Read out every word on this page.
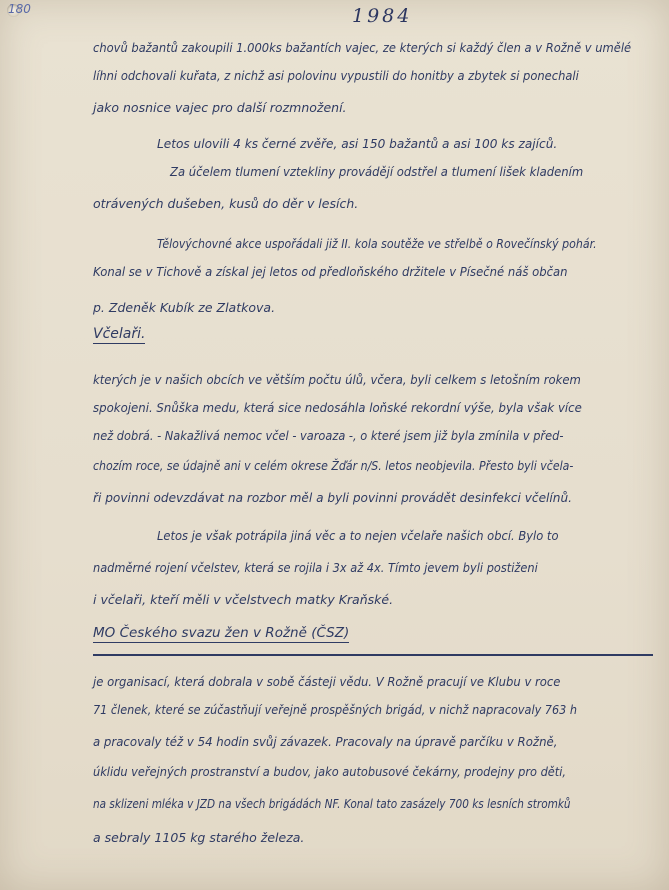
180	1984
chovů bažantů zakoupili 1.000ks bažantích vajec, ze kterých si každý člen a v Rožně v umělé
líhni odchovali kuřata, z nichž asi polovinu vypustili do honitby a zbytek si ponechali
jako nosnice vajec pro další rozmnožení.
Letos ulovili 4 ks černé zvěře, asi 150 bažantů a asi 100 ks zajíců.
Za účelem tlumení vztekliny provádějí odstřel a tlumení lišek kladením
otrávených dušeben, kusů do děr v lesích.
Tělovýchovné akce uspořádali již II. kola soutěže ve střelbě o Rovečínský pohár.
Konal se v Tichově a získal jej letos od předloňského držitele v Písečné náš občan
p. Zdeněk Kubík ze Zlatkova.
Včelaři.
kterých je v našich obcích ve větším počtu úlů, včera, byli celkem s letošním rokem
spokojeni. Snůška medu, která sice nedosáhla loňské rekordní výše, byla však více
než dobrá. - Nakažlivá nemoc včel - varoaza -, o které jsem již byla zmínila v před-
chozím roce, se údajně ani v celém okrese Žďár n/S. letos neobjevila. Přesto byli včela-
ři povinni odevzdávat na rozbor měl a byli povinni provádět desinfekci včelínů.
Letos je však potrápila jiná věc a to nejen včelaře našich obcí. Bylo to
nadměrné rojení včelstev, která se rojila i 3x až 4x. Tímto jevem byli postiženi
i včelaři, kteří měli v včelstvech matky Kraňské.
MO Českého svazu žen v Rožně (ČSZ)
je organisací, která dobrala v sobě částeji vědu. V Rožně pracují ve Klubu v roce
71 členek, které se zúčastňují veřejně prospěšných brigád, v nichž napracovaly 763 h
a pracovaly též v 54 hodin svůj závazek. Pracovaly na úpravě parčíku v Rožně,
úklidu veřejných prostranství a budov, jako autobusové čekárny, prodejny pro děti,
na sklizeni mléka v JZD na všech brigádách NF. Konal tato zasázely 700 ks lesních stromků
a sebraly 1105 kg starého železa.
